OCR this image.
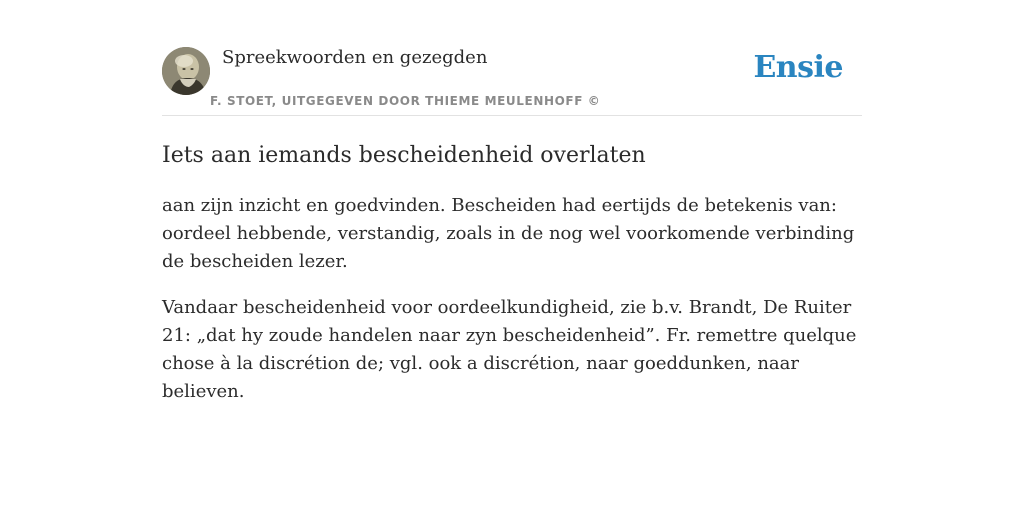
Spreekwoorden en gezegden
F. STOET, UITGEGEVEN DOOR THIEME MEULENHOFF ©
Ensie
Iets aan iemands bescheidenheid overlaten

aan zijn inzicht en goedvinden. Bescheiden had eertijds de betekenis van: oordeel hebbende, verstandig, zoals in de nog wel voorkomende verbinding de bescheiden lezer.

Vandaar bescheidenheid voor oordeelkundigheid, zie b.v. Brandt, De Ruiter 21: „dat hy zoude handelen naar zyn bescheidenheid”. Fr. remettre quelque chose à la discrétion de; vgl. ook a discrétion, naar goeddunken, naar believen.
